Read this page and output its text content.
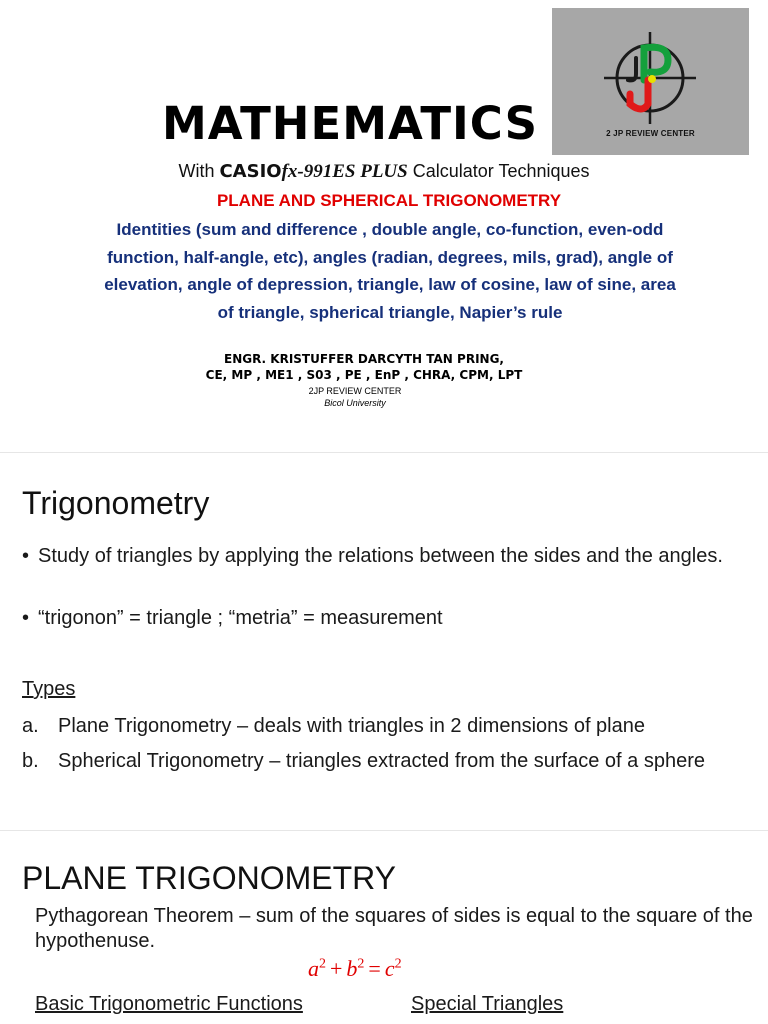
2 JP REVIEW CENTER
MATHEMATICS
With CASIOfx-991ES PLUS Calculator Techniques
PLANE AND SPHERICAL TRIGONOMETRY
Identities (sum and difference , double angle, co-function, even-odd function, half-angle, etc), angles (radian, degrees, mils, grad), angle of elevation, angle of depression, triangle, law of cosine, law of sine, area of triangle, spherical triangle, Napier’s rule
ENGR. KRISTUFFER DARCYTH TAN PRING,
CE, MP , ME1 , S03 , PE , EnP , CHRA, CPM, LPT
2JP REVIEW CENTER
Bicol University
Trigonometry
• Study of triangles by applying the relations between the sides and the angles.
• “trigonon” = triangle ; “metria” = measurement
Types
a. Plane Trigonometry – deals with triangles in 2 dimensions of plane
b. Spherical Trigonometry – triangles extracted from the surface of a sphere
PLANE TRIGONOMETRY
Pythagorean Theorem – sum of the squares of sides is equal to the square of the hypothenuse.
$a^2 + b^2 = c^2$
Basic Trigonometric Functions	Special Triangles
